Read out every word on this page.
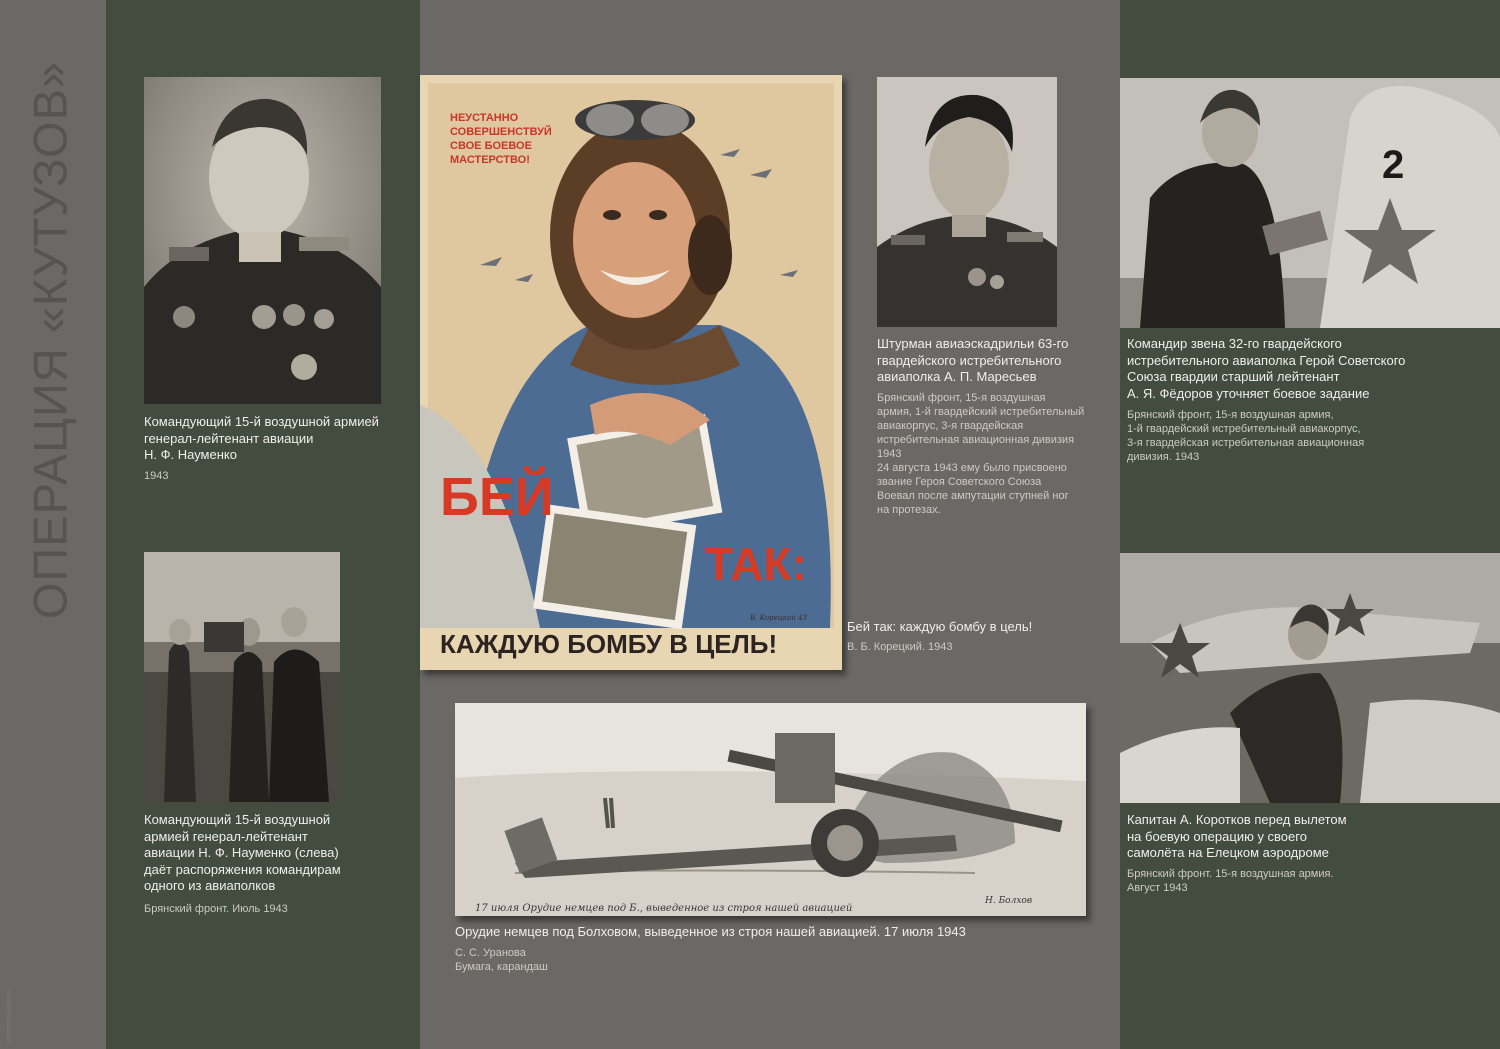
ОПЕРАЦИЯ «КУТУЗОВ»
victorymuseum.ru
Командующий 15-й воздушной армией
генерал-лейтенант авиации
Н. Ф. Науменко
1943
Командующий 15-й воздушной
армией генерал-лейтенант
авиации Н. Ф. Науменко (слева)
даёт распоряжения командирам
одного из авиаполков
Брянский фронт. Июль 1943
НЕУСТАННО
СОВЕРШЕНСТВУЙ
СВОЕ БОЕВОЕ
МАСТЕРСТВО!
БЕЙ
ТАК:
В. Корецкий 43
КАЖДУЮ БОМБУ В ЦЕЛЬ!
Бей так: каждую бомбу в цель!
В. Б. Корецкий. 1943
Штурман авиаэскадрильи 63-го
гвардейского истребительного
авиаполка А. П. Маресьев
Брянский фронт, 15-я воздушная
армия, 1-й гвардейский истребительный
авиакорпус, 3-я гвардейская
истребительная авиационная дивизия
1943
24 августа 1943 ему было присвоено
звание Героя Советского Союза
Воевал после ампутации ступней ног
на протезах.
2
Командир звена 32-го гвардейского
истребительного авиаполка Герой Советского
Союза гвардии старший лейтенант
А. Я. Фёдоров уточняет боевое задание
Брянский фронт, 15-я воздушная армия,
1-й гвардейский истребительный авиакорпус,
3-я гвардейская истребительная авиационная
дивизия. 1943
Капитан А. Коротков перед вылетом
на боевую операцию у своего
самолёта на Елецком аэродроме
Брянский фронт. 15-я воздушная армия.
Август 1943
17 июля Орудие немцев под Б., выведенное из строя нашей авиацией
Н. Болхов
Орудие немцев под Болховом, выведенное из строя нашей авиацией. 17 июля 1943
С. С. Уранова
Бумага, карандаш
